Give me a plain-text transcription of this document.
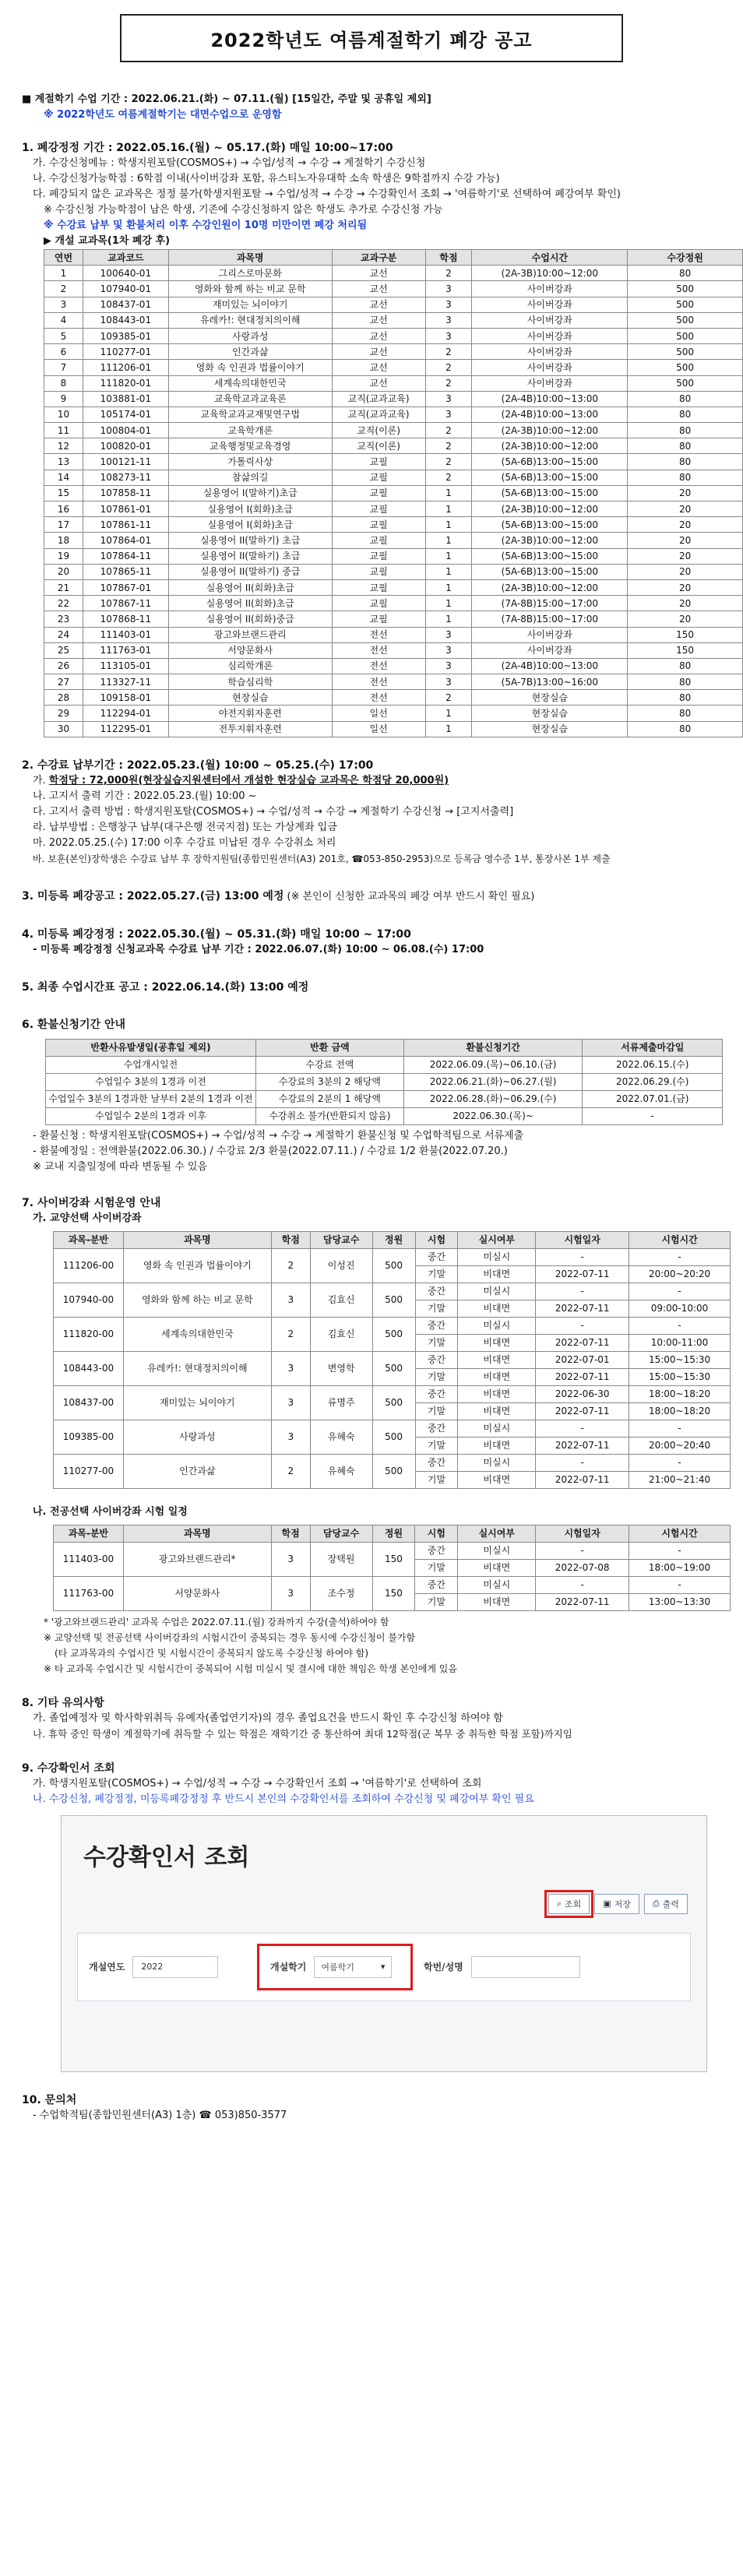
2022학년도 여름계절학기 폐강 공고
■ 계절학기 수업 기간 : 2022.06.21.(화) ~ 07.11.(월) [15일간, 주말 및 공휴일 제외]
※ 2022학년도 여름계절학기는 대면수업으로 운영함
1. 폐강정정 기간 : 2022.05.16.(월) ~ 05.17.(화) 매일 10:00~17:00
가. 수강신청메뉴 : 학생지원포탈(COSMOS+) → 수업/성적 → 수강 → 계절학기 수강신청
나. 수강신청가능학점 : 6학점 이내(사이버강좌 포함, 유스티노자유대학 소속 학생은 9학점까지 수강 가능)
다. 폐강되지 않은 교과목은 정정 불가(학생지원포탈 → 수업/성적 → 수강 → 수강확인서 조회 → '여름학기'로 선택하여 폐강여부 확인)
※ 수강신청 가능학점이 남은 학생, 기존에 수강신청하지 않은 학생도 추가로 수강신청 가능
※ 수강료 납부 및 환불처리 이후 수강인원이 10명 미만이면 폐강 처리됨
▶ 개설 교과목(1차 폐강 후)
연번	교과코드	과목명	교과구분	학점	수업시간	수강정원
1	100640-01	그리스로마문화	교선	2	(2A-3B)10:00~12:00	80
2	107940-01	영화와 함께 하는 비교 문학	교선	3	사이버강좌	500
3	108437-01	재미있는 뇌이야기	교선	3	사이버강좌	500
4	108443-01	유레카!: 현대정치의이해	교선	3	사이버강좌	500
5	109385-01	사랑과성	교선	3	사이버강좌	500
6	110277-01	인간과삶	교선	2	사이버강좌	500
7	111206-01	영화 속 인권과 법률이야기	교선	2	사이버강좌	500
8	111820-01	세계속의대한민국	교선	2	사이버강좌	500
9	103881-01	교육학교과교육론	교직(교과교육)	3	(2A-4B)10:00~13:00	80
10	105174-01	교육학교과교재및연구법	교직(교과교육)	3	(2A-4B)10:00~13:00	80
11	100804-01	교육학개론	교직(이론)	2	(2A-3B)10:00~12:00	80
12	100820-01	교육행정및교육경영	교직(이론)	2	(2A-3B)10:00~12:00	80
13	100121-11	가톨릭사상	교필	2	(5A-6B)13:00~15:00	80
14	108273-11	참삶의길	교필	2	(5A-6B)13:00~15:00	80
15	107858-11	실용영어 I(말하기)초급	교필	1	(5A-6B)13:00~15:00	20
16	107861-01	실용영어 I(회화)초급	교필	1	(2A-3B)10:00~12:00	20
17	107861-11	실용영어 I(회화)초급	교필	1	(5A-6B)13:00~15:00	20
18	107864-01	실용영어 II(말하기) 초급	교필	1	(2A-3B)10:00~12:00	20
19	107864-11	실용영어 II(말하기) 초급	교필	1	(5A-6B)13:00~15:00	20
20	107865-11	실용영어 II(말하기) 중급	교필	1	(5A-6B)13:00~15:00	20
21	107867-01	실용영어 II(회화)초급	교필	1	(2A-3B)10:00~12:00	20
22	107867-11	실용영어 II(회화)초급	교필	1	(7A-8B)15:00~17:00	20
23	107868-11	실용영어 II(회화)중급	교필	1	(7A-8B)15:00~17:00	20
24	111403-01	광고와브랜드관리	전선	3	사이버강좌	150
25	111763-01	서양문화사	전선	3	사이버강좌	150
26	113105-01	심리학개론	전선	3	(2A-4B)10:00~13:00	80
27	113327-11	학습심리학	전선	3	(5A-7B)13:00~16:00	80
28	109158-01	현장실습	전선	2	현장실습	80
29	112294-01	야전지휘자훈련	일선	1	현장실습	80
30	112295-01	전투지휘자훈련	일선	1	현장실습	80
2. 수강료 납부기간 : 2022.05.23.(월) 10:00 ~ 05.25.(수) 17:00
가. 학점당 : 72,000원(현장실습지원센터에서 개설한 현장실습 교과목은 학점당 20,000원)
나. 고지서 출력 기간 : 2022.05.23.(월) 10:00 ~
다. 고지서 출력 방법 : 학생지원포탈(COSMOS+) → 수업/성적 → 수강 → 계절학기 수강신청 → [고지서출력]
라. 납부방법 : 은행창구 납부(대구은행 전국지점) 또는 가상계좌 입금
마. 2022.05.25.(수) 17:00 이후 수강료 미납된 경우 수강취소 처리
바. 보훈(본인)장학생은 수강료 납부 후 장학지원팀(종합민원센터(A3) 201호, ☎053-850-2953)으로 등록금 영수증 1부, 통장사본 1부 제출
3. 미등록 폐강공고 : 2022.05.27.(금) 13:00 예정 (※ 본인이 신청한 교과목의 폐강 여부 반드시 확인 필요)
4. 미등록 폐강정정 : 2022.05.30.(월) ~ 05.31.(화) 매일 10:00 ~ 17:00
- 미등록 폐강정정 신청교과목 수강료 납부 기간 : 2022.06.07.(화) 10:00 ~ 06.08.(수) 17:00
5. 최종 수업시간표 공고 : 2022.06.14.(화) 13:00 예정
6. 환불신청기간 안내
반환사유발생일(공휴일 제외)	반환 금액	환불신청기간	서류제출마감일
수업개시일전	수강료 전액	2022.06.09.(목)~06.10.(금)	2022.06.15.(수)
수업일수 3분의 1경과 이전	수강료의 3분의 2 해당액	2022.06.21.(화)~06.27.(월)	2022.06.29.(수)
수업일수 3분의 1경과한 날부터 2분의 1경과 이전	수강료의 2분의 1 해당액	2022.06.28.(화)~06.29.(수)	2022.07.01.(금)
수업일수 2분의 1경과 이후	수강취소 불가(반환되지 않음)	2022.06.30.(목)~	-
- 환불신청 : 학생지원포탈(COSMOS+) → 수업/성적 → 수강 → 계절학기 환불신청 및 수업학적팀으로 서류제출
- 환불예정일 : 전액환불(2022.06.30.) / 수강료 2/3 환불(2022.07.11.) / 수강료 1/2 환불(2022.07.20.)
※ 교내 지출일정에 따라 변동될 수 있음
7. 사이버강좌 시험운영 안내
가. 교양선택 사이버강좌
과목-분반	과목명	학점	담당교수	정원	시험	실시여부	시험일자	시험시간
111206-00	영화 속 인권과 법률이야기	2	이성진	500	중간	미실시	-	-
					기말	비대면	2022-07-11	20:00~20:20
107940-00	영화와 함께 하는 비교 문학	3	김효신	500	중간	미실시	-	-
					기말	비대면	2022-07-11	09:00-10:00
111820-00	세계속의대한민국	2	김효신	500	중간	미실시	-	-
					기말	비대면	2022-07-11	10:00-11:00
108443-00	유레카!: 현대정치의이해	3	변영학	500	중간	비대면	2022-07-01	15:00~15:30
					기말	비대면	2022-07-11	15:00~15:30
108437-00	재미있는 뇌이야기	3	류명주	500	중간	비대면	2022-06-30	18:00~18:20
					기말	비대면	2022-07-11	18:00~18:20
109385-00	사랑과성	3	유혜숙	500	중간	미실시	-	-
					기말	비대면	2022-07-11	20:00~20:40
110277-00	인간과삶	2	유혜숙	500	중간	미실시	-	-
					기말	비대면	2022-07-11	21:00~21:40
나. 전공선택 사이버강좌 시험 일정
과목-분반	과목명	학점	담당교수	정원	시험	실시여부	시험일자	시험시간
111403-00	광고와브랜드관리*	3	장택원	150	중간	미실시	-	-
					기말	비대면	2022-07-08	18:00~19:00
111763-00	서양문화사	3	조수정	150	중간	미실시	-	-
					기말	비대면	2022-07-11	13:00~13:30
* '광고와브랜드관리' 교과목 수업은 2022.07.11.(월) 강좌까지 수강(출석)하여야 함
※ 교양선택 및 전공선택 사이버강좌의 시험시간이 중복되는 경우 동시에 수강신청이 불가함
(타 교과목과의 수업시간 및 시험시간이 중복되지 않도록 수강신청 하여야 함)
※ 타 교과목 수업시간 및 시험시간이 중복되어 시험 미실시 및 결시에 대한 책임은 학생 본인에게 있음
8. 기타 유의사항
가. 졸업예정자 및 학사학위취득 유예자(졸업연기자)의 경우 졸업요건을 반드시 확인 후 수강신청 하여야 함
나. 휴학 중인 학생이 계절학기에 취득할 수 있는 학점은 재학기간 중 통산하여 최대 12학점(군 복무 중 취득한 학점 포함)까지임
9. 수강확인서 조회
가. 학생지원포탈(COSMOS+) → 수업/성적 → 수강 → 수강확인서 조회 → '여름학기'로 선택하여 조회
나. 수강신청, 폐강정정, 미등록폐강정정 후 반드시 본인의 수강확인서를 조회하여 수강신청 및 폐강여부 확인 필요
수강확인서 조회
⌕ 조회	▣ 저장	⎙ 출력
개설연도	2022	개설학기 여름학기	▾	학번/성명
10. 문의처
- 수업학적팀(종합민원센터(A3) 1층) ☎ 053)850-3577
